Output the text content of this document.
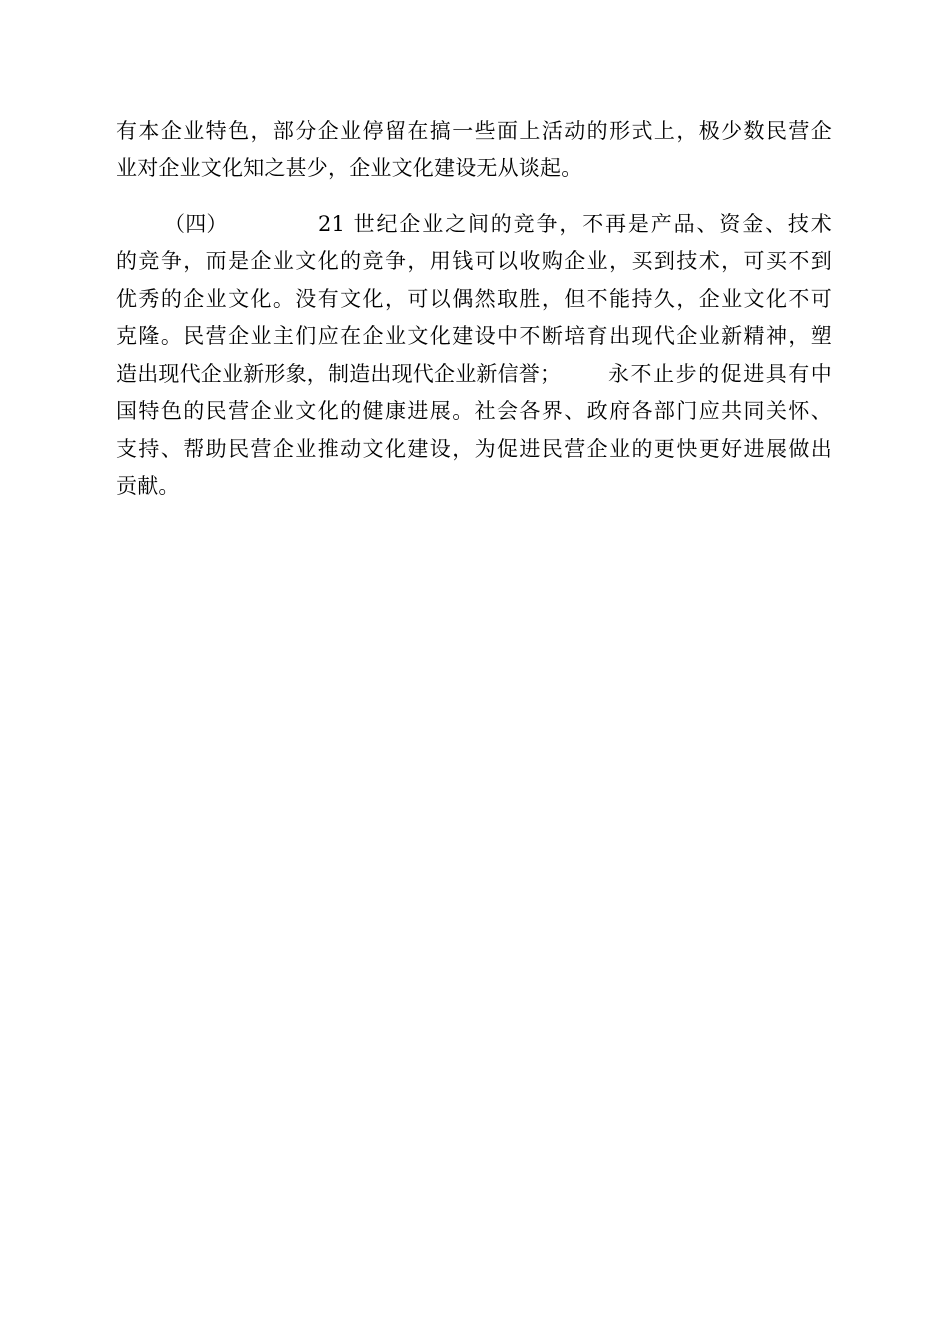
有本企业特色，部分企业停留在搞一些面上活动的形式上，极少数民营企
业对企业文化知之甚少，企业文化建设无从谈起。
（四）	21 世纪企业之间的竞争，不再是产品、资金、技术
的竞争，而是企业文化的竞争，用钱可以收购企业，买到技术，可买不到
优秀的企业文化。没有文化，可以偶然取胜，但不能持久，企业文化不可
克隆。民营企业主们应在企业文化建设中不断培育出现代企业新精神，塑
造出现代企业新形象，制造出现代企业新信誉； 永不止步的促进具有中
国特色的民营企业文化的健康进展。社会各界、政府各部门应共同关怀、
支持、帮助民营企业推动文化建设，为促进民营企业的更快更好进展做出
贡献。
